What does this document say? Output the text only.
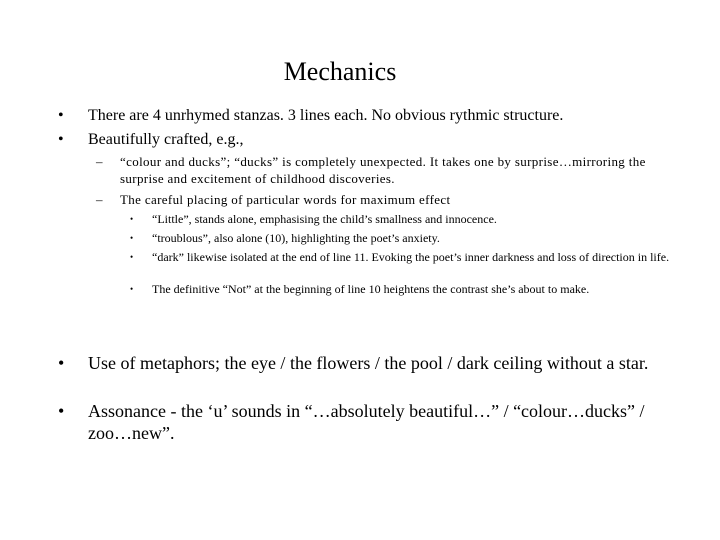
Mechanics
• There are 4 unrhymed stanzas. 3 lines each. No obvious rythmic structure.
• Beautifully crafted, e.g.,
– “colour and ducks”; “ducks” is completely unexpected. It takes one by surprise…mirroring the surprise and excitement of childhood discoveries.
– The careful placing of particular words for maximum effect
• “Little”, stands alone, emphasising the child’s smallness and innocence.
• “troublous”, also alone (10), highlighting the poet’s anxiety.
• “dark” likewise isolated at the end of line 11. Evoking the poet’s inner darkness and loss of direction in life.
• The definitive “Not” at the beginning of line 10 heightens the contrast she’s about to make.
• Use of metaphors; the eye / the flowers / the pool / dark ceiling without a star.
• Assonance - the ‘u’ sounds in “…absolutely beautiful…” / “colour…ducks” / zoo…new”.
